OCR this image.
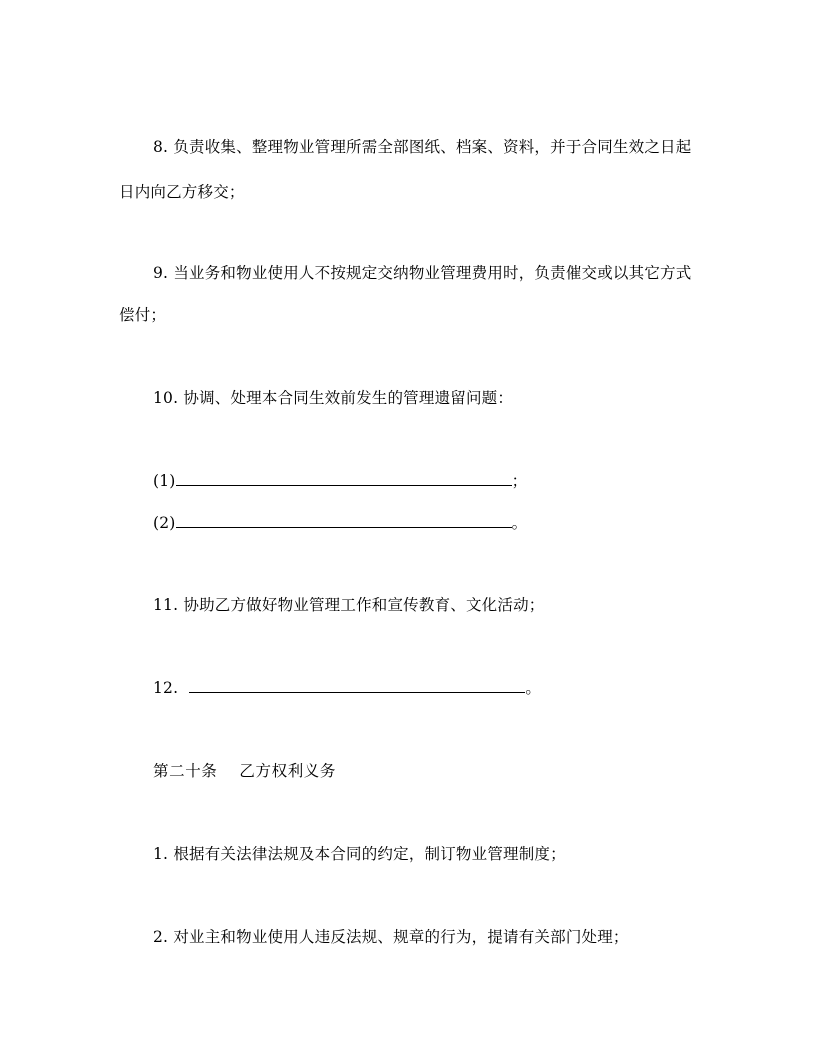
8. 负责收集、整理物业管理所需全部图纸、档案、资料，并于合同生效之日起
日内向乙方移交；
9. 当业务和物业使用人不按规定交纳物业管理费用时，负责催交或以其它方式
偿付；
10. 协调、处理本合同生效前发生的管理遗留问题：
(1)	；
(2)	。
11. 协助乙方做好物业管理工作和宣传教育、文化活动；
12.	。
第二十条 乙方权利义务
1. 根据有关法律法规及本合同的约定，制订物业管理制度；
2. 对业主和物业使用人违反法规、规章的行为，提请有关部门处理；
